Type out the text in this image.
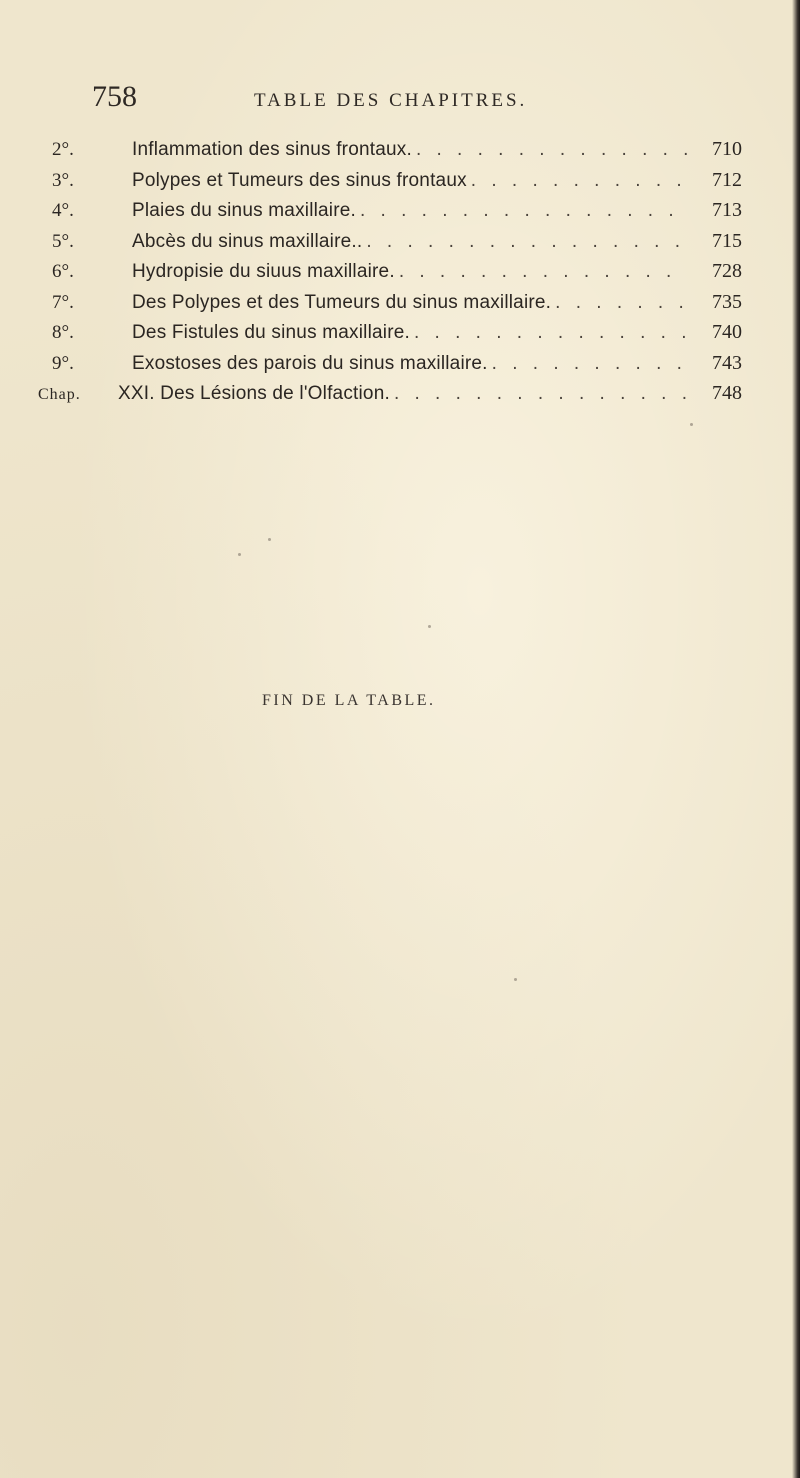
758	TABLE DES CHAPITRES.
2°.	Inflammation des sinus frontaux. . . .	710
3°.	Polypes et Tumeurs des sinus frontaux . . .	712
4°.	Plaies du sinus maxillaire. . . .	713
5°.	Abcès du sinus maxillaire.. . . .	715
6°.	Hydropisie du siuus maxillaire. . . .	728
7°.	Des Polypes et des Tumeurs du sinus maxillaire. . . .	735
8°.	Des Fistules du sinus maxillaire. . . .	740
9°.	Exostoses des parois du sinus maxillaire. . . .	743
Chap.	XXI. Des Lésions de l'Olfaction. . . .	748
FIN DE LA TABLE.
